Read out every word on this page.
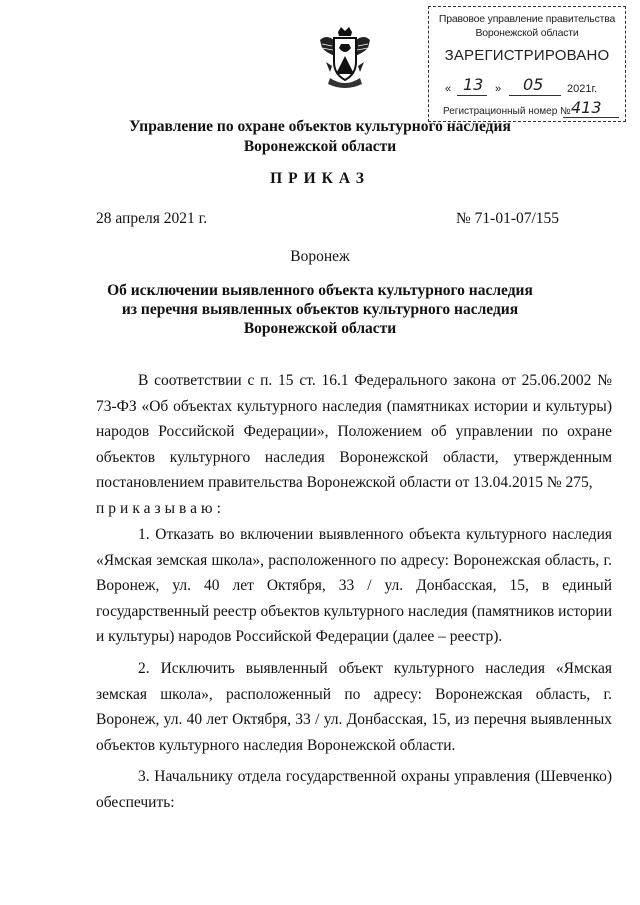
Правовое управление правительства
Воронежской области
ЗАРЕГИСТРИРОВАНО
« 13 » 05 2021г.
Регистрационный номер № 413
Управление по охране объектов культурного наследия
Воронежской области
ПРИКАЗ
28 апреля 2021 г.	№ 71-01-07/155
Воронеж
Об исключении выявленного объекта культурного наследия
из перечня выявленных объектов культурного наследия
Воронежской области
В соответствии с п. 15 ст. 16.1 Федерального закона от 25.06.2002 № 73-ФЗ «Об объектах культурного наследия (памятниках истории и культуры) народов Российской Федерации», Положением об управлении по охране объектов культурного наследия Воронежской области, утвержденным постановлением правительства Воронежской области от 13.04.2015 № 275,
приказываю:
1. Отказать во включении выявленного объекта культурного наследия «Ямская земская школа», расположенного по адресу: Воронежская область, г. Воронеж, ул. 40 лет Октября, 33 / ул. Донбасская, 15, в единый государственный реестр объектов культурного наследия (памятников истории и культуры) народов Российской Федерации (далее – реестр).
2. Исключить выявленный объект культурного наследия «Ямская земская школа», расположенный по адресу: Воронежская область, г. Воронеж, ул. 40 лет Октября, 33 / ул. Донбасская, 15, из перечня выявленных объектов культурного наследия Воронежской области.
3. Начальнику отдела государственной охраны управления (Шевченко) обеспечить:
